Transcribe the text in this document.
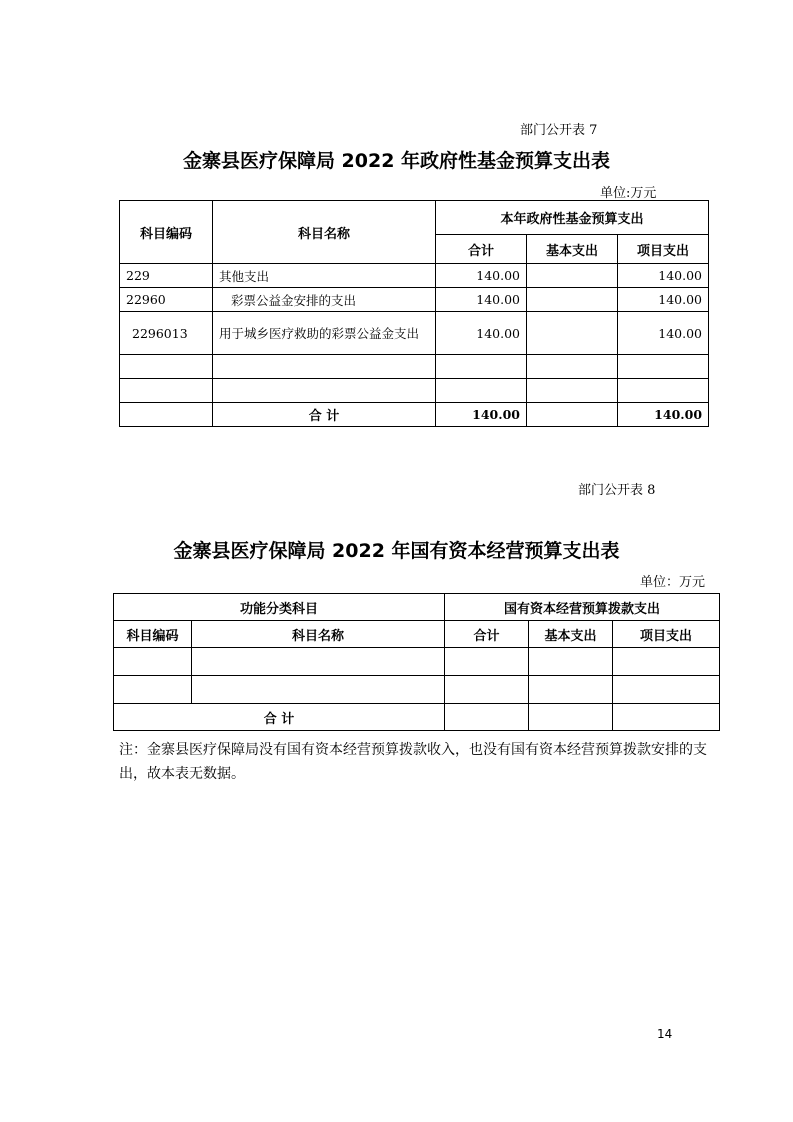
部门公开表 7
金寨县医疗保障局 2022 年政府性基金预算支出表
单位:万元
科目编码	科目名称	本年政府性基金预算支出		
		合计	基本支出	项目支出
229	其他支出	140.00		140.00
22960	彩票公益金安排的支出	140.00		140.00
2296013	用于城乡医疗救助的彩票公益金支出	140.00		140.00

	合 计	140.00		140.00
部门公开表 8
金寨县医疗保障局 2022 年国有资本经营预算支出表
单位：万元
功能分类科目		国有资本经营预算拨款支出		
科目编码	科目名称	合计	基本支出	项目支出

合 计				
注：金寨县医疗保障局没有国有资本经营预算拨款收入，也没有国有资本经营预算拨款安排的支出，故本表无数据。
14
